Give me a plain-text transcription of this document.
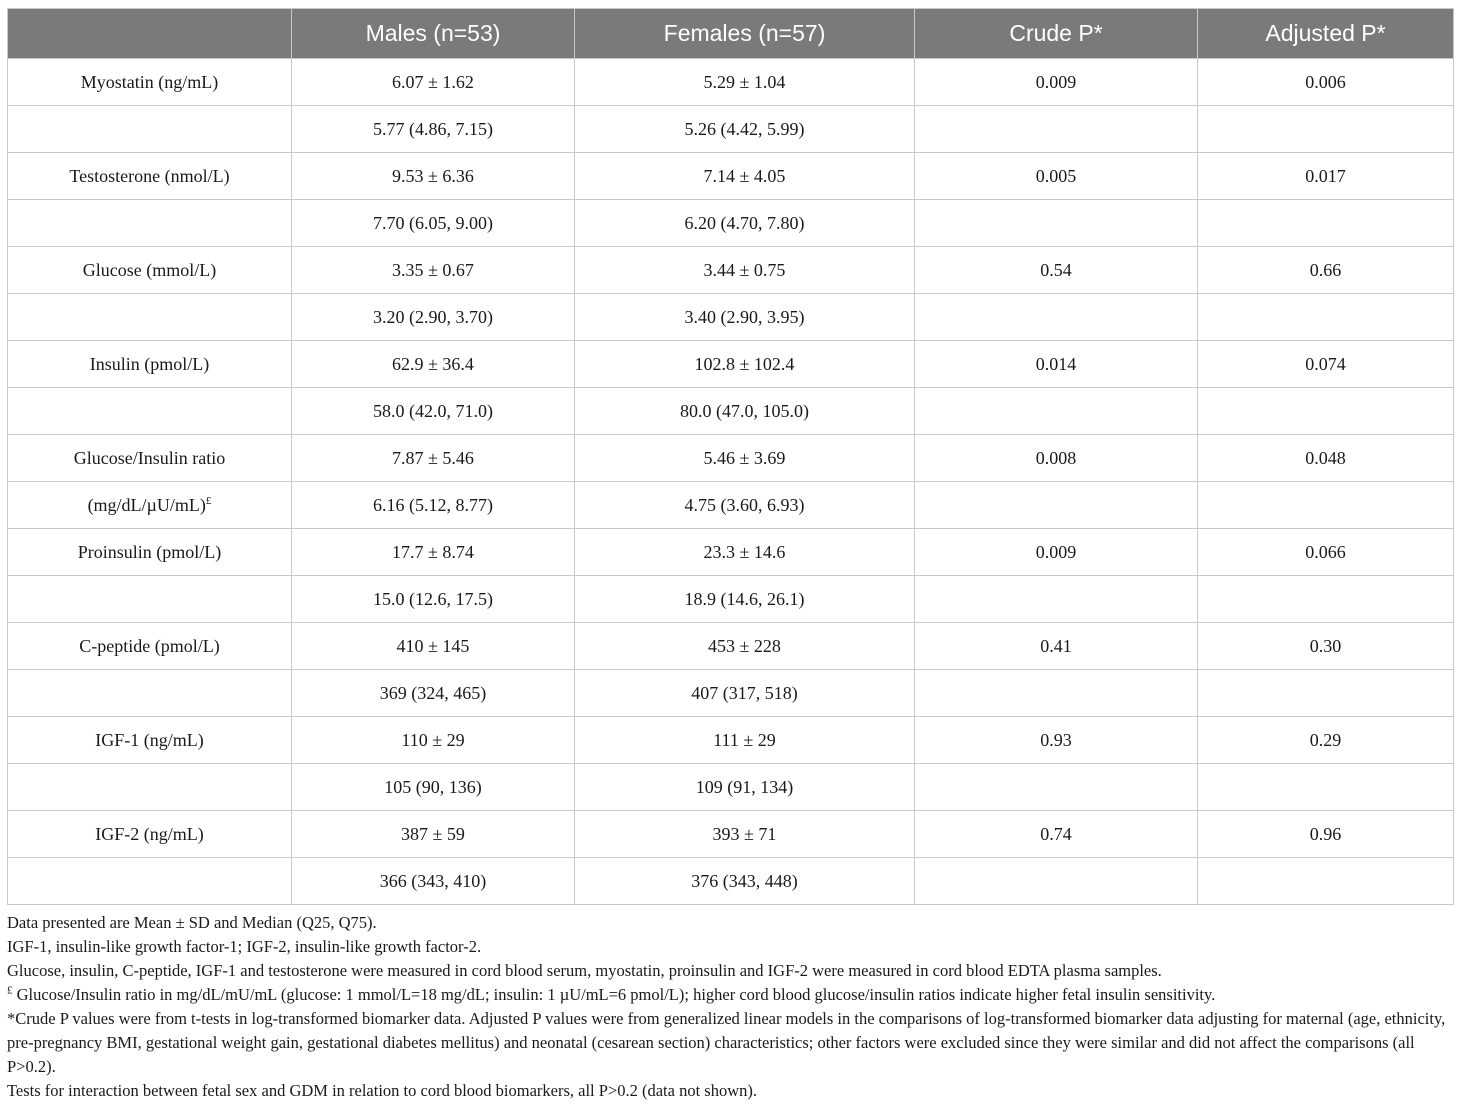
	Males (n=53)	Females (n=57)	Crude P*	Adjusted P*
Myostatin (ng/mL)	6.07 ± 1.62	5.29 ± 1.04	0.009	0.006
	5.77 (4.86, 7.15)	5.26 (4.42, 5.99)		
Testosterone (nmol/L)	9.53 ± 6.36	7.14 ± 4.05	0.005	0.017
	7.70 (6.05, 9.00)	6.20 (4.70, 7.80)		
Glucose (mmol/L)	3.35 ± 0.67	3.44 ± 0.75	0.54	0.66
	3.20 (2.90, 3.70)	3.40 (2.90, 3.95)		
Insulin (pmol/L)	62.9 ± 36.4	102.8 ± 102.4	0.014	0.074
	58.0 (42.0, 71.0)	80.0 (47.0, 105.0)		
Glucose/Insulin ratio	7.87 ± 5.46	5.46 ± 3.69	0.008	0.048
(mg/dL/µU/mL)£	6.16 (5.12, 8.77)	4.75 (3.60, 6.93)		
Proinsulin (pmol/L)	17.7 ± 8.74	23.3 ± 14.6	0.009	0.066
	15.0 (12.6, 17.5)	18.9 (14.6, 26.1)		
C-peptide (pmol/L)	410 ± 145	453 ± 228	0.41	0.30
	369 (324, 465)	407 (317, 518)		
IGF-1 (ng/mL)	110 ± 29	111 ± 29	0.93	0.29
	105 (90, 136)	109 (91, 134)		
IGF-2 (ng/mL)	387 ± 59	393 ± 71	0.74	0.96
	366 (343, 410)	376 (343, 448)		

Data presented are Mean ± SD and Median (Q25, Q75).

IGF-1, insulin-like growth factor-1; IGF-2, insulin-like growth factor-2.

Glucose, insulin, C-peptide, IGF-1 and testosterone were measured in cord blood serum, myostatin, proinsulin and IGF-2 were measured in cord blood EDTA plasma samples.

£ Glucose/Insulin ratio in mg/dL/mU/mL (glucose: 1 mmol/L=18 mg/dL; insulin: 1 µU/mL=6 pmol/L); higher cord blood glucose/insulin ratios indicate higher fetal insulin sensitivity.

*Crude P values were from t-tests in log-transformed biomarker data. Adjusted P values were from generalized linear models in the comparisons of log-transformed biomarker data adjusting for maternal (age, ethnicity, pre-pregnancy BMI, gestational weight gain, gestational diabetes mellitus) and neonatal (cesarean section) characteristics; other factors were excluded since they were similar and did not affect the comparisons (all P>0.2).

Tests for interaction between fetal sex and GDM in relation to cord blood biomarkers, all P>0.2 (data not shown).
